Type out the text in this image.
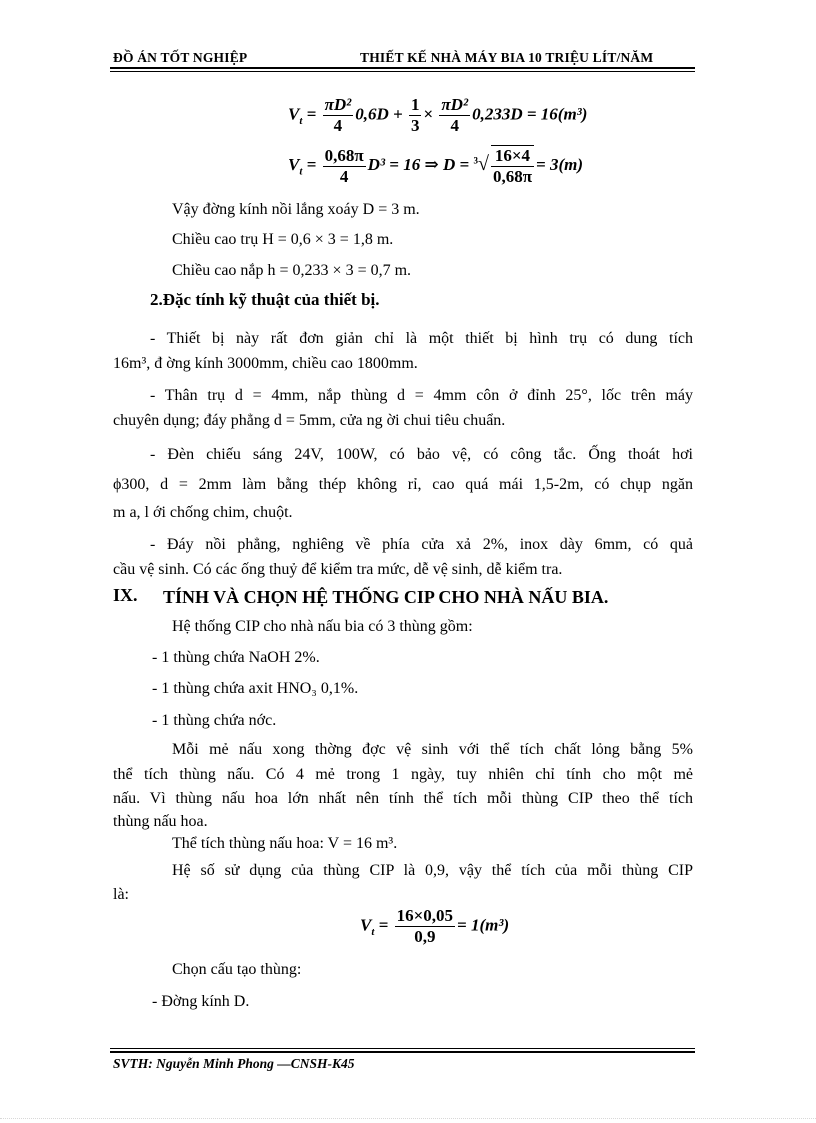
ĐỒ ÁN TỐT NGHIỆP	THIẾT KẾ NHÀ MÁY BIA 10 TRIỆU LÍT/NĂM
$V_t = \frac{\text{πD²}}{4} 0,6D + \frac{1}{3} \times \frac{\text{πD²}}{4} 0,233D = 16(m^3)$
$V_t = \frac{0,68\pi}{4} D^3 = 16$ ⇒ $D = ^3√ \frac{16\times 4}{0,68\pi} = 3(m)$
Vậy đờng kính nồi lắng xoáy D = 3 m.
Chiều cao trụ H = 0,6 × 3 = 1,8 m.
Chiều cao nắp h = 0,233 × 3 = 0,7 m.
2.Đặc tính kỹ thuật của thiết bị.
- Thiết bị này rất đơn giản chỉ là một thiết bị hình trụ có dung tích
16m³, đ ờng kính 3000mm, chiều cao 1800mm.
- Thân trụ d = 4mm, nắp thùng d = 4mm côn ở đỉnh 25°, lốc trên máy
chuyên dụng; đáy phẳng d = 5mm, cửa ng ời chui tiêu chuẩn.
- Đèn chiếu sáng 24V, 100W, có bảo vệ, có công tắc. Ống thoát hơi
ϕ300, d = 2mm làm bằng thép không rỉ, cao quá mái 1,5-2m, có chụp ngăn
m a, l ới chống chim, chuột.
- Đáy nồi phẳng, nghiêng về phía cửa xả 2%, inox dày 6mm, có quả
cầu vệ sinh. Có các ống thuỷ để kiểm tra mức, dễ vệ sinh, dễ kiểm tra.
IX. TÍNH VÀ CHỌN HỆ THỐNG CIP CHO NHÀ NẤU BIA.
Hệ thống CIP cho nhà nấu bia có 3 thùng gồm:
- 1 thùng chứa NaOH 2%.
- 1 thùng chứa axit HNO₃ 0,1%.
- 1 thùng chứa nớc.
Mỗi mẻ nấu xong thờng đợc vệ sinh với thể tích chất lỏng bằng 5%
thể tích thùng nấu. Có 4 mẻ trong 1 ngày, tuy nhiên chỉ tính cho một mẻ
nấu. Vì thùng nấu hoa lớn nhất nên tính thể tích mỗi thùng CIP theo thể tích
thùng nấu hoa.
Thể tích thùng nấu hoa: V = 16 m³.
Hệ số sử dụng của thùng CIP là 0,9, vậy thể tích của mỗi thùng CIP
là:
$V_t = \frac{16\times 0,05}{0,9} = 1(m^3)$
Chọn cấu tạo thùng:
- Đờng kính D.
SVTH: Nguyễn Minh Phong —CNSH-K45
